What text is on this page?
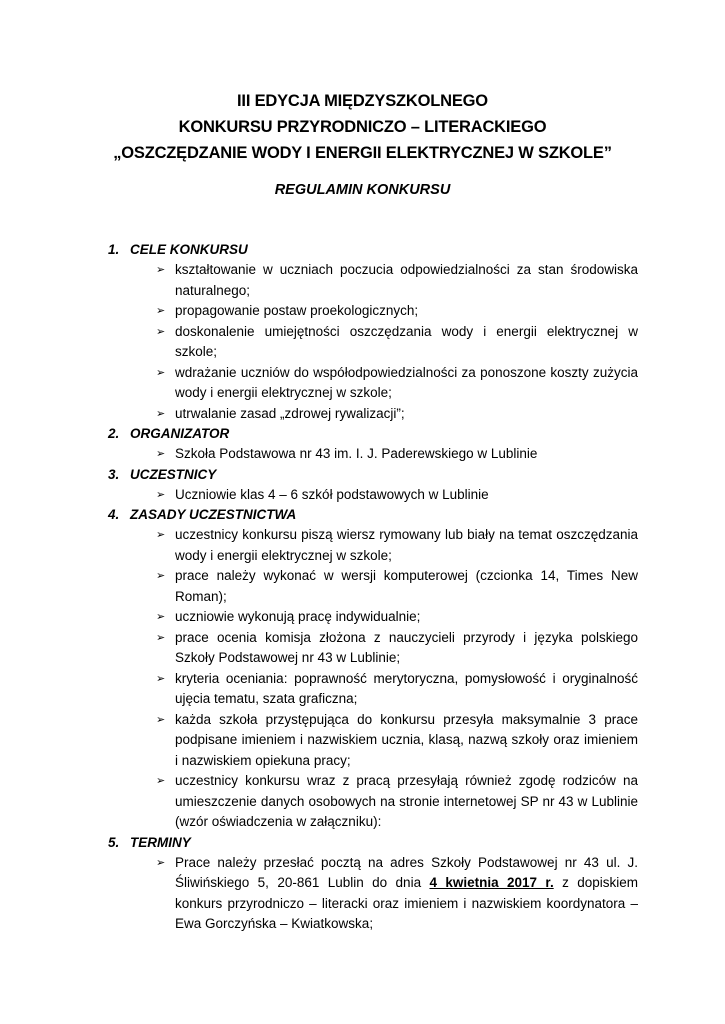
III EDYCJA MIĘDZYSZKOLNEGO
KONKURSU PRZYRODNICZO – LITERACKIEGO
„OSZCZĘDZANIE WODY I ENERGII ELEKTRYCZNEJ W SZKOLE”
REGULAMIN KONKURSU
1. CELE KONKURSU
➢ kształtowanie w uczniach poczucia odpowiedzialności za stan środowiska naturalnego;
➢ propagowanie postaw proekologicznych;
➢ doskonalenie umiejętności oszczędzania wody i energii elektrycznej w szkole;
➢ wdrażanie uczniów do współodpowiedzialności za ponoszone koszty zużycia wody i energii elektrycznej w szkole;
➢ utrwalanie zasad „zdrowej rywalizacji”;
2. ORGANIZATOR
➢ Szkoła Podstawowa nr 43 im. I. J. Paderewskiego w Lublinie
3. UCZESTNICY
➢ Uczniowie klas 4 – 6 szkół podstawowych w Lublinie
4. ZASADY UCZESTNICTWA
➢ uczestnicy konkursu piszą wiersz rymowany lub biały na temat oszczędzania wody i energii elektrycznej w szkole;
➢ prace należy wykonać w wersji komputerowej (czcionka 14, Times New Roman);
➢ uczniowie wykonują pracę indywidualnie;
➢ prace ocenia komisja złożona z nauczycieli przyrody i języka polskiego Szkoły Podstawowej nr 43 w Lublinie;
➢ kryteria oceniania: poprawność merytoryczna, pomysłowość i oryginalność ujęcia tematu, szata graficzna;
➢ każda szkoła przystępująca do konkursu przesyła maksymalnie 3 prace podpisane imieniem i nazwiskiem ucznia, klasą, nazwą szkoły oraz imieniem i nazwiskiem opiekuna pracy;
➢ uczestnicy konkursu wraz z pracą przesyłają również zgodę rodziców na umieszczenie danych osobowych na stronie internetowej SP nr 43 w Lublinie (wzór oświadczenia w załączniku):
5. TERMINY
➢ Prace należy przesłać pocztą na adres Szkoły Podstawowej nr 43 ul. J. Śliwińskiego 5, 20-861 Lublin do dnia 4 kwietnia 2017 r. z dopiskiem konkurs przyrodniczo – literacki oraz imieniem i nazwiskiem koordynatora – Ewa Gorczyńska – Kwiatkowska;
